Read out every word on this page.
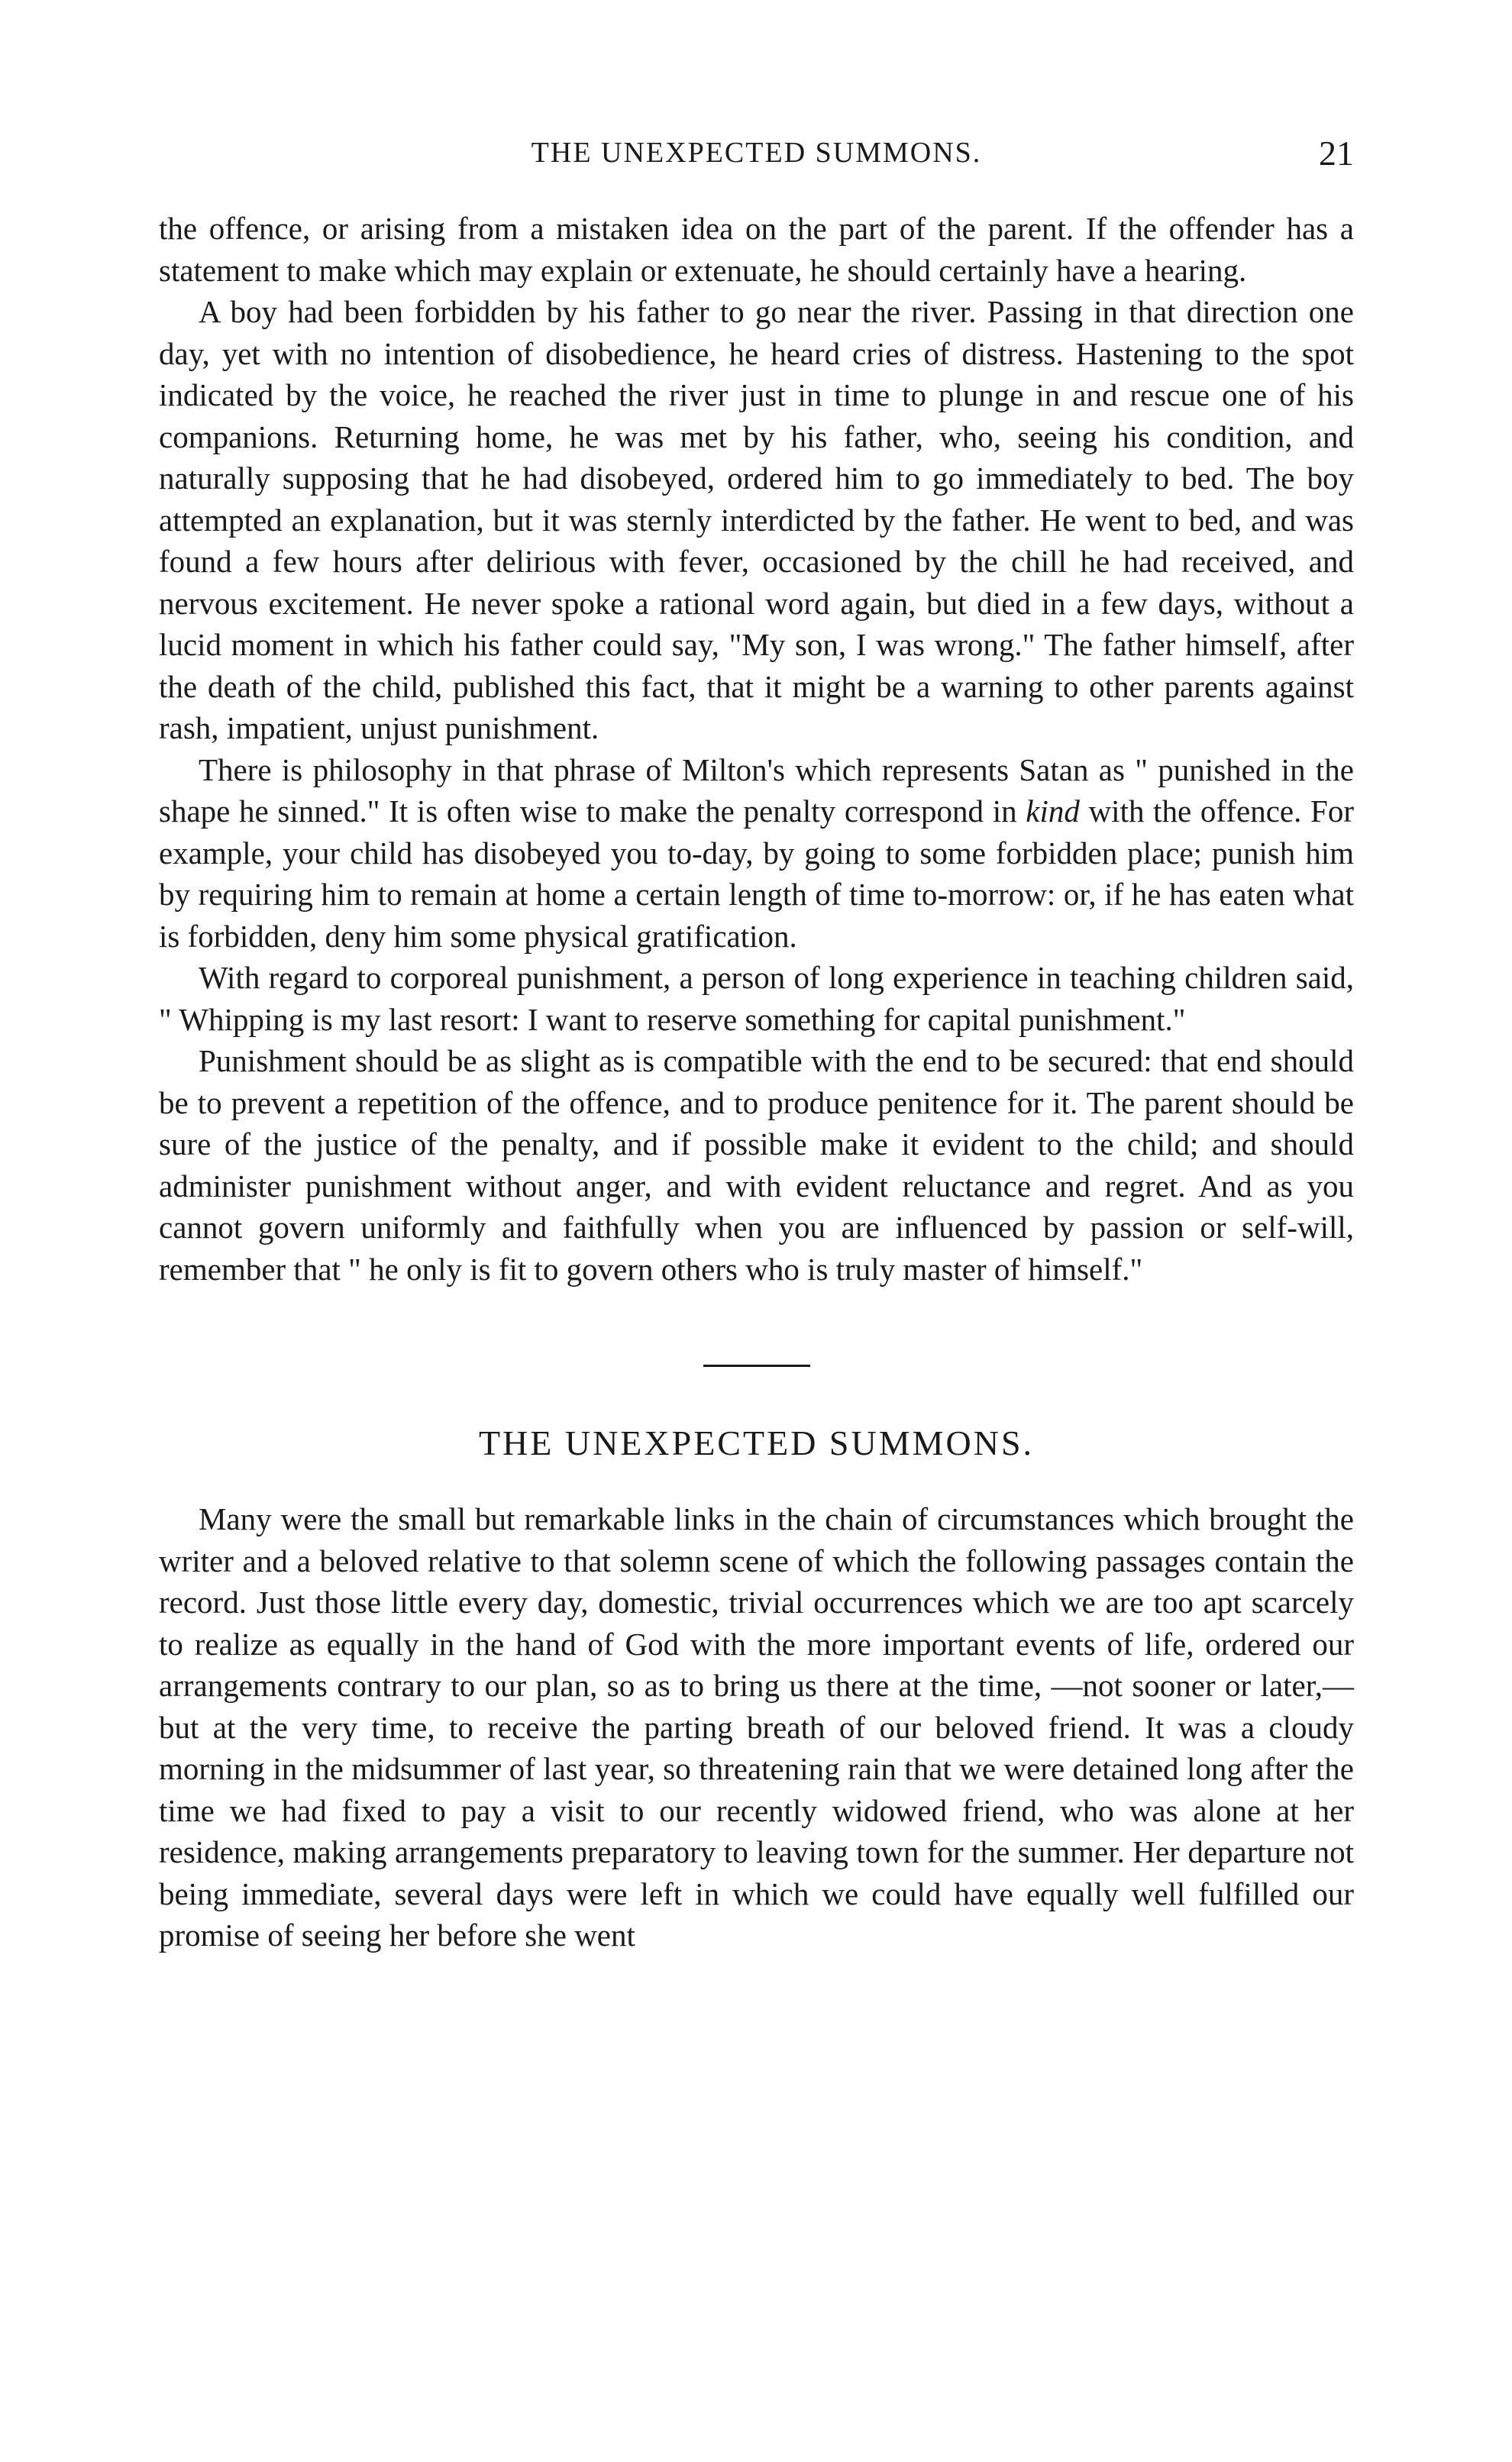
THE UNEXPECTED SUMMONS.	21

the offence, or arising from a mistaken idea on the part of the parent. If the offender has a statement to make which may explain or extenuate, he should certainly have a hearing.

A boy had been forbidden by his father to go near the river. Passing in that direction one day, yet with no intention of disobedience, he heard cries of distress. Hastening to the spot indicated by the voice, he reached the river just in time to plunge in and rescue one of his companions. Returning home, he was met by his father, who, seeing his condition, and naturally supposing that he had disobeyed, ordered him to go immediately to bed. The boy attempted an explanation, but it was sternly interdicted by the father. He went to bed, and was found a few hours after delirious with fever, occasioned by the chill he had received, and nervous excitement. He never spoke a rational word again, but died in a few days, without a lucid moment in which his father could say, "My son, I was wrong." The father himself, after the death of the child, published this fact, that it might be a warning to other parents against rash, impatient, unjust punishment.

There is philosophy in that phrase of Milton's which represents Satan as " punished in the shape he sinned." It is often wise to make the penalty correspond in kind with the offence. For example, your child has disobeyed you to-day, by going to some forbidden place; punish him by requiring him to remain at home a certain length of time to-morrow: or, if he has eaten what is forbidden, deny him some physical gratification.

With regard to corporeal punishment, a person of long experience in teaching children said, " Whipping is my last resort: I want to reserve something for capital punishment."

Punishment should be as slight as is compatible with the end to be secured: that end should be to prevent a repetition of the offence, and to produce penitence for it. The parent should be sure of the justice of the penalty, and if possible make it evident to the child; and should administer punishment without anger, and with evident reluctance and regret. And as you cannot govern uniformly and faithfully when you are influenced by passion or self-will, remember that " he only is fit to govern others who is truly master of himself."

THE UNEXPECTED SUMMONS.

Many were the small but remarkable links in the chain of circumstances which brought the writer and a beloved relative to that solemn scene of which the following passages contain the record. Just those little every day, domestic, trivial occurrences which we are too apt scarcely to realize as equally in the hand of God with the more important events of life, ordered our arrangements contrary to our plan, so as to bring us there at the time, —not sooner or later,—but at the very time, to receive the parting breath of our beloved friend. It was a cloudy morning in the midsummer of last year, so threatening rain that we were detained long after the time we had fixed to pay a visit to our recently widowed friend, who was alone at her residence, making arrangements preparatory to leaving town for the summer. Her departure not being immediate, several days were left in which we could have equally well fulfilled our promise of seeing her before she went
